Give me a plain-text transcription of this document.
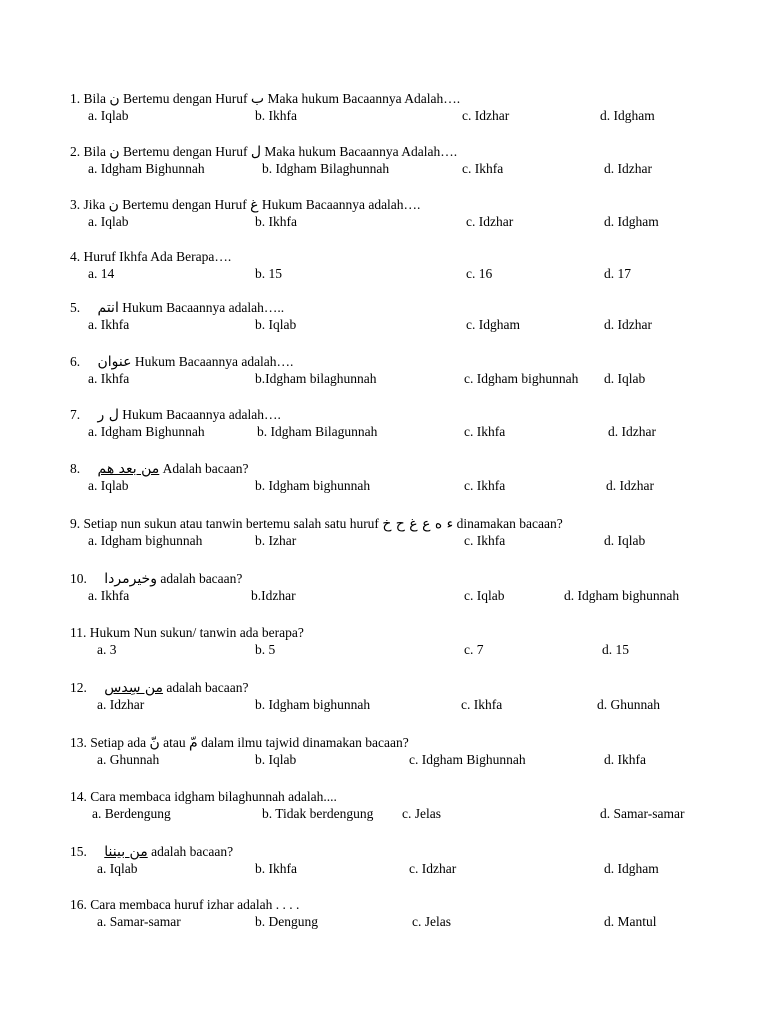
1. Bila ن Bertemu dengan Huruf ب Maka hukum Bacaannya Adalah….
a. Iqlab	b. Ikhfa	c. Idzhar	d. Idgham
2. Bila ن Bertemu dengan Huruf ل Maka hukum Bacaannya Adalah….
a. Idgham Bighunnah	b. Idgham Bilaghunnah	c. Ikhfa	d. Idzhar
3. Jika ن Bertemu dengan Huruf غ Hukum Bacaannya adalah….
a. Iqlab	b. Ikhfa	c. Idzhar	d. Idgham
4. Huruf Ikhfa Ada Berapa….
a. 14	b. 15	c. 16	d. 17
5. انتم Hukum Bacaannya adalah…..
a. Ikhfa	b. Iqlab	c. Idgham	d. Idzhar
6. عنوان Hukum Bacaannya adalah….
a. Ikhfa	b.Idgham bilaghunnah	c. Idgham bighunnah d. Iqlab
7. ل ر Hukum Bacaannya adalah….
a. Idgham Bighunnah	b. Idgham Bilagunnah	c. Ikhfa	d. Idzhar
8. من بعد هم Adalah bacaan?
a. Iqlab	b. Idgham bighunnah	c. Ikhfa	d. Idzhar
9. Setiap nun sukun atau tanwin bertemu salah satu huruf ء ه ع غ ح خ dinamakan bacaan?
a. Idgham bighunnah	b. Izhar	c. Ikhfa	d. Iqlab
10. وخيرمردا adalah bacaan?
a. Ikhfa	b.Idzhar	c. Iqlab	d. Idgham bighunnah
11. Hukum Nun sukun/ tanwin ada berapa?
a. 3	b. 5	c. 7	d. 15
12. من سِدس adalah bacaan?
a. Idzhar	b. Idgham bighunnah	c. Ikhfa	d. Ghunnah
13. Setiap ada نّ atau مّ dalam ilmu tajwid dinamakan bacaan?
a. Ghunnah	b. Iqlab	c. Idgham Bighunnah	d. Ikhfa
14. Cara membaca idgham bilaghunnah adalah....
a. Berdengung	b. Tidak berdengung c. Jelas	d. Samar-samar
15. من بيننا adalah bacaan?
a. Iqlab	b. Ikhfa	c. Idzhar	d. Idgham
16. Cara membaca huruf izhar adalah . . . .
a. Samar-samar	b. Dengung	c. Jelas	d. Mantul
